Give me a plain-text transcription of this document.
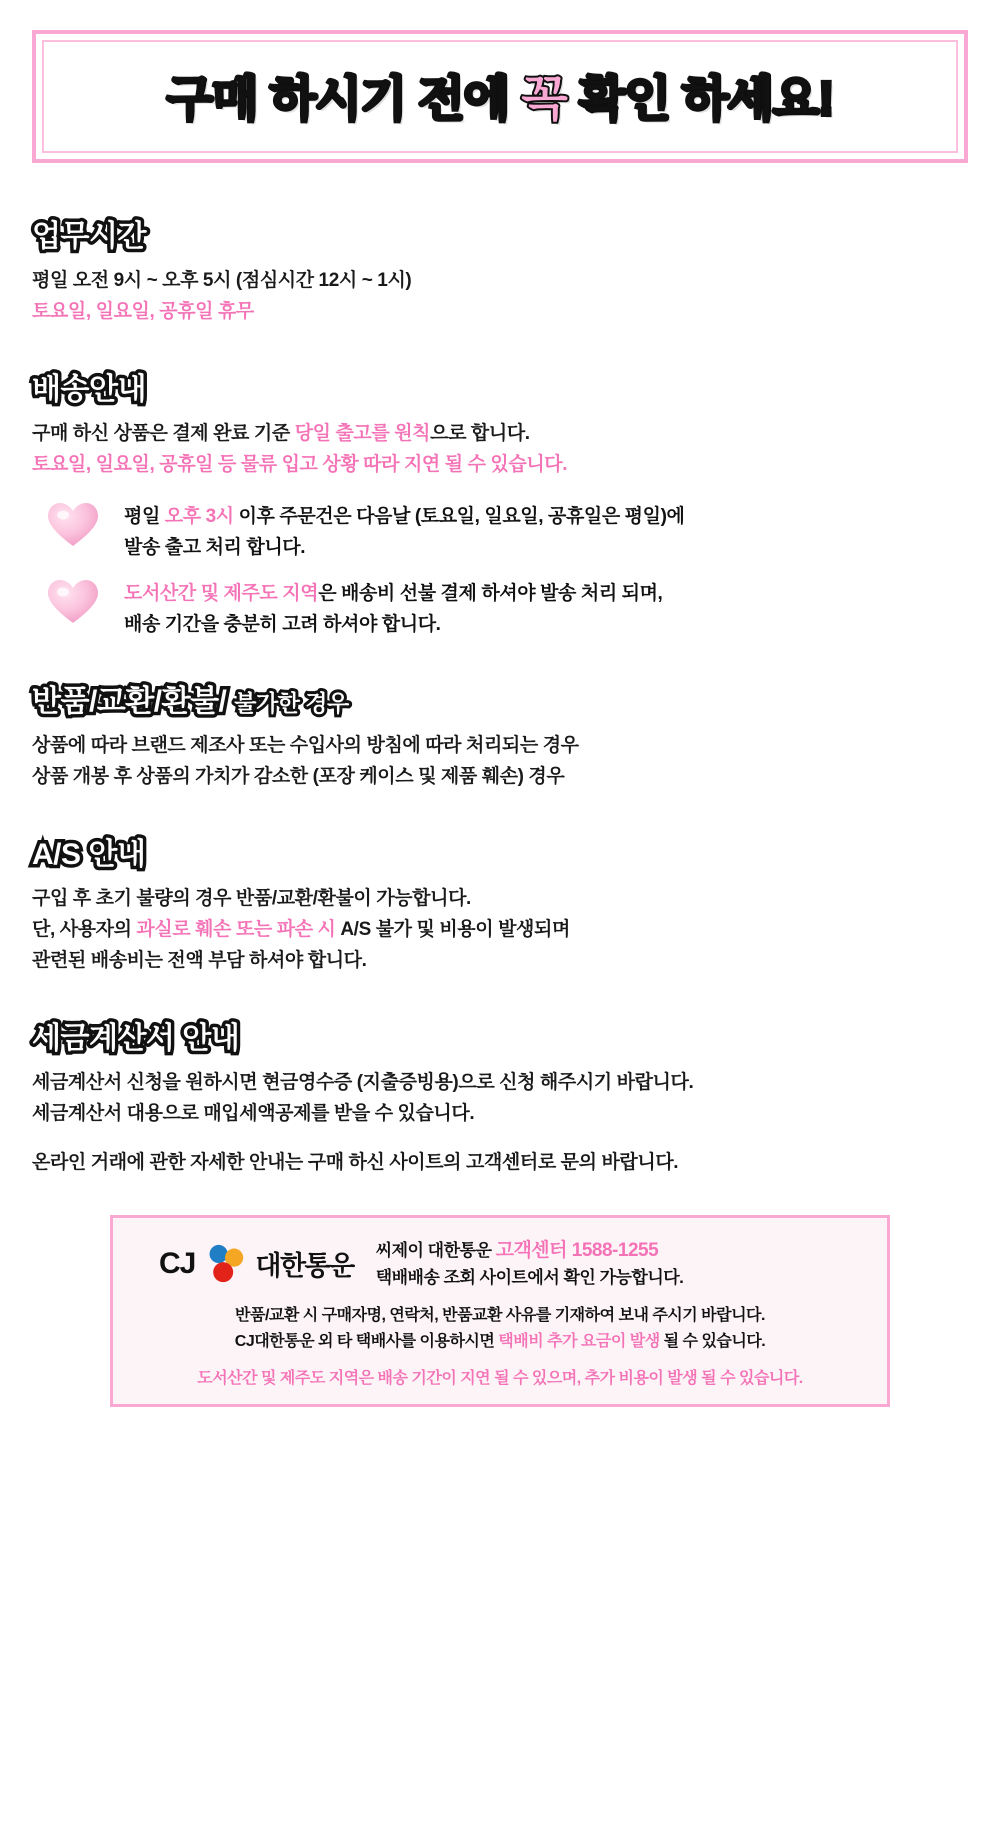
구매 하시기 전에 꼭 확인 하세요!
업무시간
평일 오전 9시 ~ 오후 5시 (점심시간 12시 ~ 1시)
토요일, 일요일, 공휴일 휴무
배송안내
구매 하신 상품은 결제 완료 기준 당일 출고를 원칙으로 합니다.
토요일, 일요일, 공휴일 등 물류 입고 상황 따라 지연 될 수 있습니다.
평일 오후 3시 이후 주문건은 다음날 (토요일, 일요일, 공휴일은 평일)에
발송 출고 처리 합니다.
도서산간 및 제주도 지역은 배송비 선불 결제 하셔야 발송 처리 되며,
배송 기간을 충분히 고려 하셔야 합니다.
반품/교환/환불/ 불가한 경우
상품에 따라 브랜드 제조사 또는 수입사의 방침에 따라 처리되는 경우
상품 개봉 후 상품의 가치가 감소한 (포장 케이스 및 제품 훼손) 경우
A/S 안내
구입 후 초기 불량의 경우 반품/교환/환불이 가능합니다.
단, 사용자의 과실로 훼손 또는 파손 시 A/S 불가 및 비용이 발생되며
관련된 배송비는 전액 부담 하셔야 합니다.
세금계산서 안내
세금계산서 신청을 원하시면 현금영수증 (지출증빙용)으로 신청 해주시기 바랍니다.
세금계산서 대용으로 매입세액공제를 받을 수 있습니다.
온라인 거래에 관한 자세한 안내는 구매 하신 사이트의 고객센터로 문의 바랍니다.
CJ 대한통운
씨제이 대한통운 고객센터 1588-1255
택배배송 조회 사이트에서 확인 가능합니다.
반품/교환 시 구매자명, 연락처, 반품교환 사유를 기재하여 보내 주시기 바랍니다.
CJ대한통운 외 타 택배사를 이용하시면 택배비 추가 요금이 발생 될 수 있습니다.
도서산간 및 제주도 지역은 배송 기간이 지연 될 수 있으며, 추가 비용이 발생 될 수 있습니다.
